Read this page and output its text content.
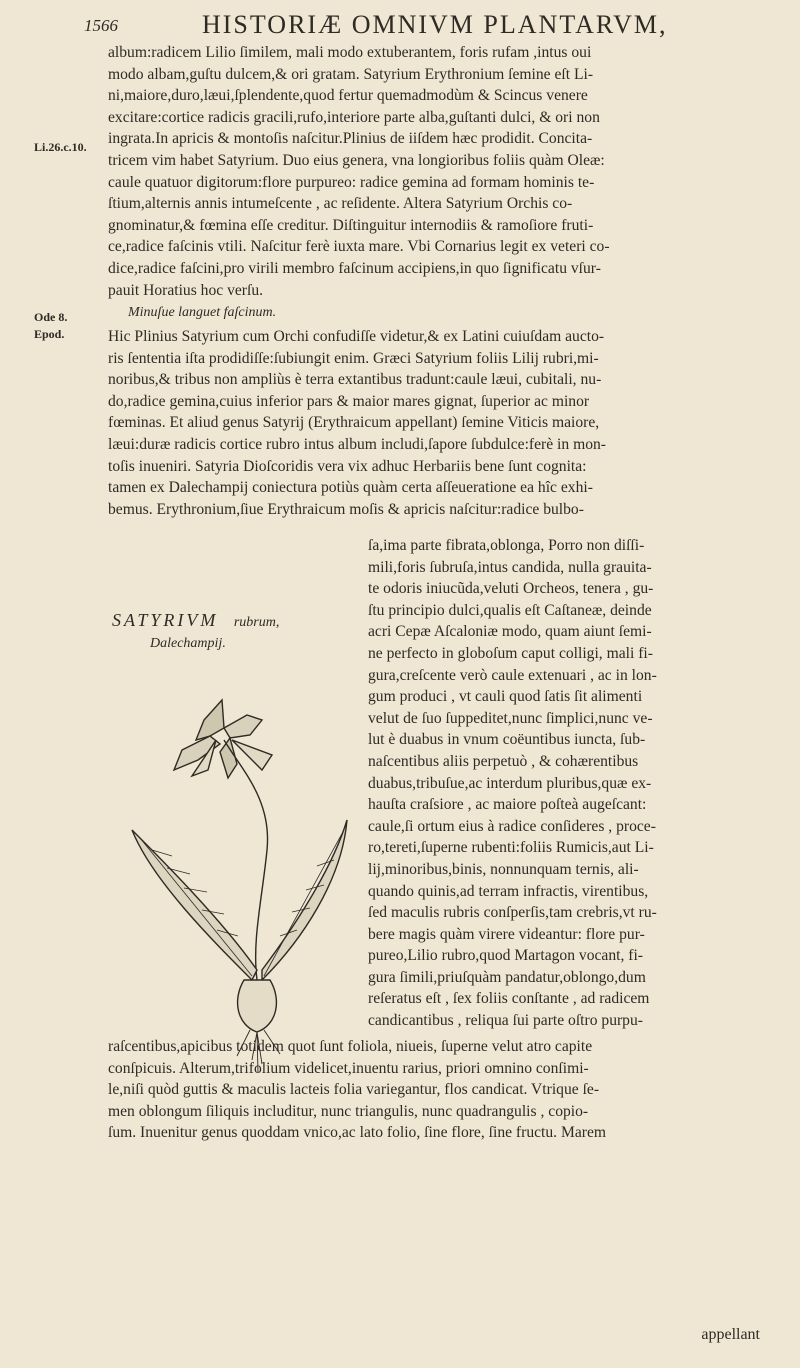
1566	HISTORIÆ OMNIVM PLANTARVM,
Li.26.c.10.
Ode 8.
Epod.
album:radicem Lilio ſimilem, mali modo extuberantem, foris rufam ,intus oui
modo albam,guſtu dulcem,& ori gratam. Satyrium Erythronium ſemine eſt Li-
ni,maiore,duro,læui,ſplendente,quod fertur quemadmodùm & Scincus venere
excitare:cortice radicis gracili,rufo,interiore parte alba,guſtanti dulci, & ori non
ingrata.In apricis & montoſis naſcitur.Plinius de iiſdem hæc prodidit. Concita-
tricem vim habet Satyrium. Duo eius genera, vna longioribus foliis quàm Oleæ:
caule quatuor digitorum:flore purpureo: radice gemina ad formam hominis te-
ſtium,alternis annis intumeſcente , ac reſidente. Altera Satyrium Orchis co-
gnominatur,& fœmina eſſe creditur. Diſtinguitur internodiis & ramoſiore fruti-
ce,radice faſcinis vtili. Naſcitur ferè iuxta mare. Vbi Cornarius legit ex veteri co-
dice,radice faſcini,pro virili membro faſcinum accipiens,in quo ſignificatu vſur-
pauit Horatius hoc verſu.
Minuſue languet faſcinum.
Hic Plinius Satyrium cum Orchi confudiſſe videtur,& ex Latini cuiuſdam aucto-
ris ſententia iſta prodidiſſe:ſubiungit enim. Græci Satyrium foliis Lilij rubri,mi-
noribus,& tribus non ampliùs è terra extantibus tradunt:caule læui, cubitali, nu-
do,radice gemina,cuius inferior pars & maior mares gignat, ſuperior ac minor
fœminas. Et aliud genus Satyrij (Erythraicum appellant) ſemine Viticis maiore,
læui:duræ radicis cortice rubro intus album includi,ſapore ſubdulce:ferè in mon-
toſis inueniri. Satyria Dioſcoridis vera vix adhuc Herbariis bene ſunt cognita:
tamen ex Dalechampij coniectura potiùs quàm certa aſſeueratione ea hîc exhi-
bemus. Erythronium,ſiue Erythraicum moſis & apricis naſcitur:radice bulbo-
SATYRIVM rubrum,
Dalechampij.
ſa,ima parte fibrata,oblonga, Porro non diſſi-
mili,foris ſubruſa,intus candida, nulla grauita-
te odoris iniucũda,veluti Orcheos, tenera , gu-
ſtu principio dulci,qualis eſt Caſtaneæ, deinde
acri Cepæ Aſcaloniæ modo, quam aiunt ſemi-
ne perfecto in globoſum caput colligi, mali fi-
gura,creſcente verò caule extenuari , ac in lon-
gum produci , vt cauli quod ſatis ſit alimenti
velut de ſuo ſuppeditet,nunc ſimplici,nunc ve-
lut è duabus in vnum coëuntibus iuncta, ſub-
naſcentibus aliis perpetuò , & cohærentibus
duabus,tribuſue,ac interdum pluribus,quæ ex-
hauſta craſsiore , ac maiore poſteà augeſcant:
caule,ſi ortum eius à radice conſideres , proce-
ro,tereti,ſuperne rubenti:foliis Rumicis,aut Li-
lij,minoribus,binis, nonnunquam ternis, ali-
quando quinis,ad terram infractis, virentibus,
ſed maculis rubris conſperſis,tam crebris,vt ru-
bere magis quàm virere videantur: flore pur-
pureo,Lilio rubro,quod Martagon vocant, fi-
gura ſimili,priuſquàm pandatur,oblongo,dum
reſeratus eſt , ſex foliis conſtante , ad radicem
candicantibus , reliqua ſui parte oſtro purpu-
raſcentibus,apicibus totidem quot ſunt foliola, niueis, ſuperne velut atro capite
conſpicuis. Alterum,trifolium videlicet,inuentu rarius, priori omnino conſimi-
le,niſi quòd guttis & maculis lacteis folia variegantur, flos candicat. Vtrique ſe-
men oblongum ſiliquis includitur, nunc triangulis, nunc quadrangulis , copio-
ſum. Inuenitur genus quoddam vnico,ac lato folio, ſine flore, ſine fructu. Marem
appellant
